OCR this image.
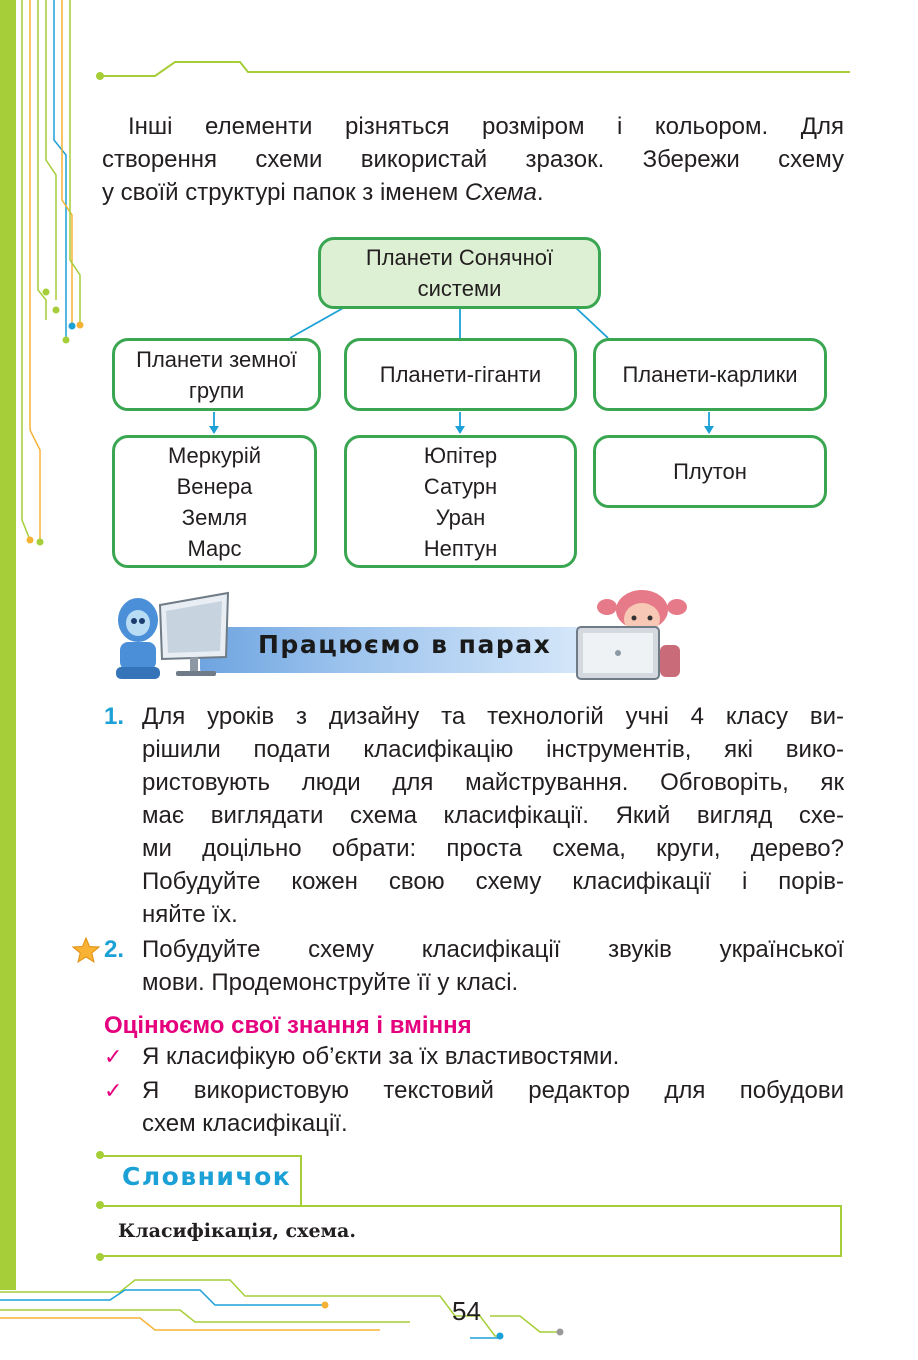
Інші елементи різняться розміром і кольором. Для
створення схеми використай зразок. Збережи схему
у своїй структурі папок з іменем Схема.
Планети Сонячної
системи
Планети земної
групи
Планети-гіганти	Планети-карлики
Меркурій
Венера
Земля
Марс
Юпітер
Сатурн
Уран
Нептун
Плутон
Працюємо в парах
1. Для уроків з дизайну та технологій учні 4 класу ви-
рішили подати класифікацію інструментів, які вико-
ристовують люди для майстрування. Обговоріть, як
має виглядати схема класифікації. Який вигляд схе-
ми доцільно обрати: проста схема, круги, дерево?
Побудуйте кожен свою схему класифікації і порів-
няйте їх.
2. Побудуйте схему класифікації звуків української
мови. Продемонструйте її у класі.
Оцінюємо свої знання і вміння
✓ Я класифікую об’єкти за їх властивостями.
✓ Я використовую текстовий редактор для побудови
схем класифікації.
Словничок
Класифікація, схема.
54
